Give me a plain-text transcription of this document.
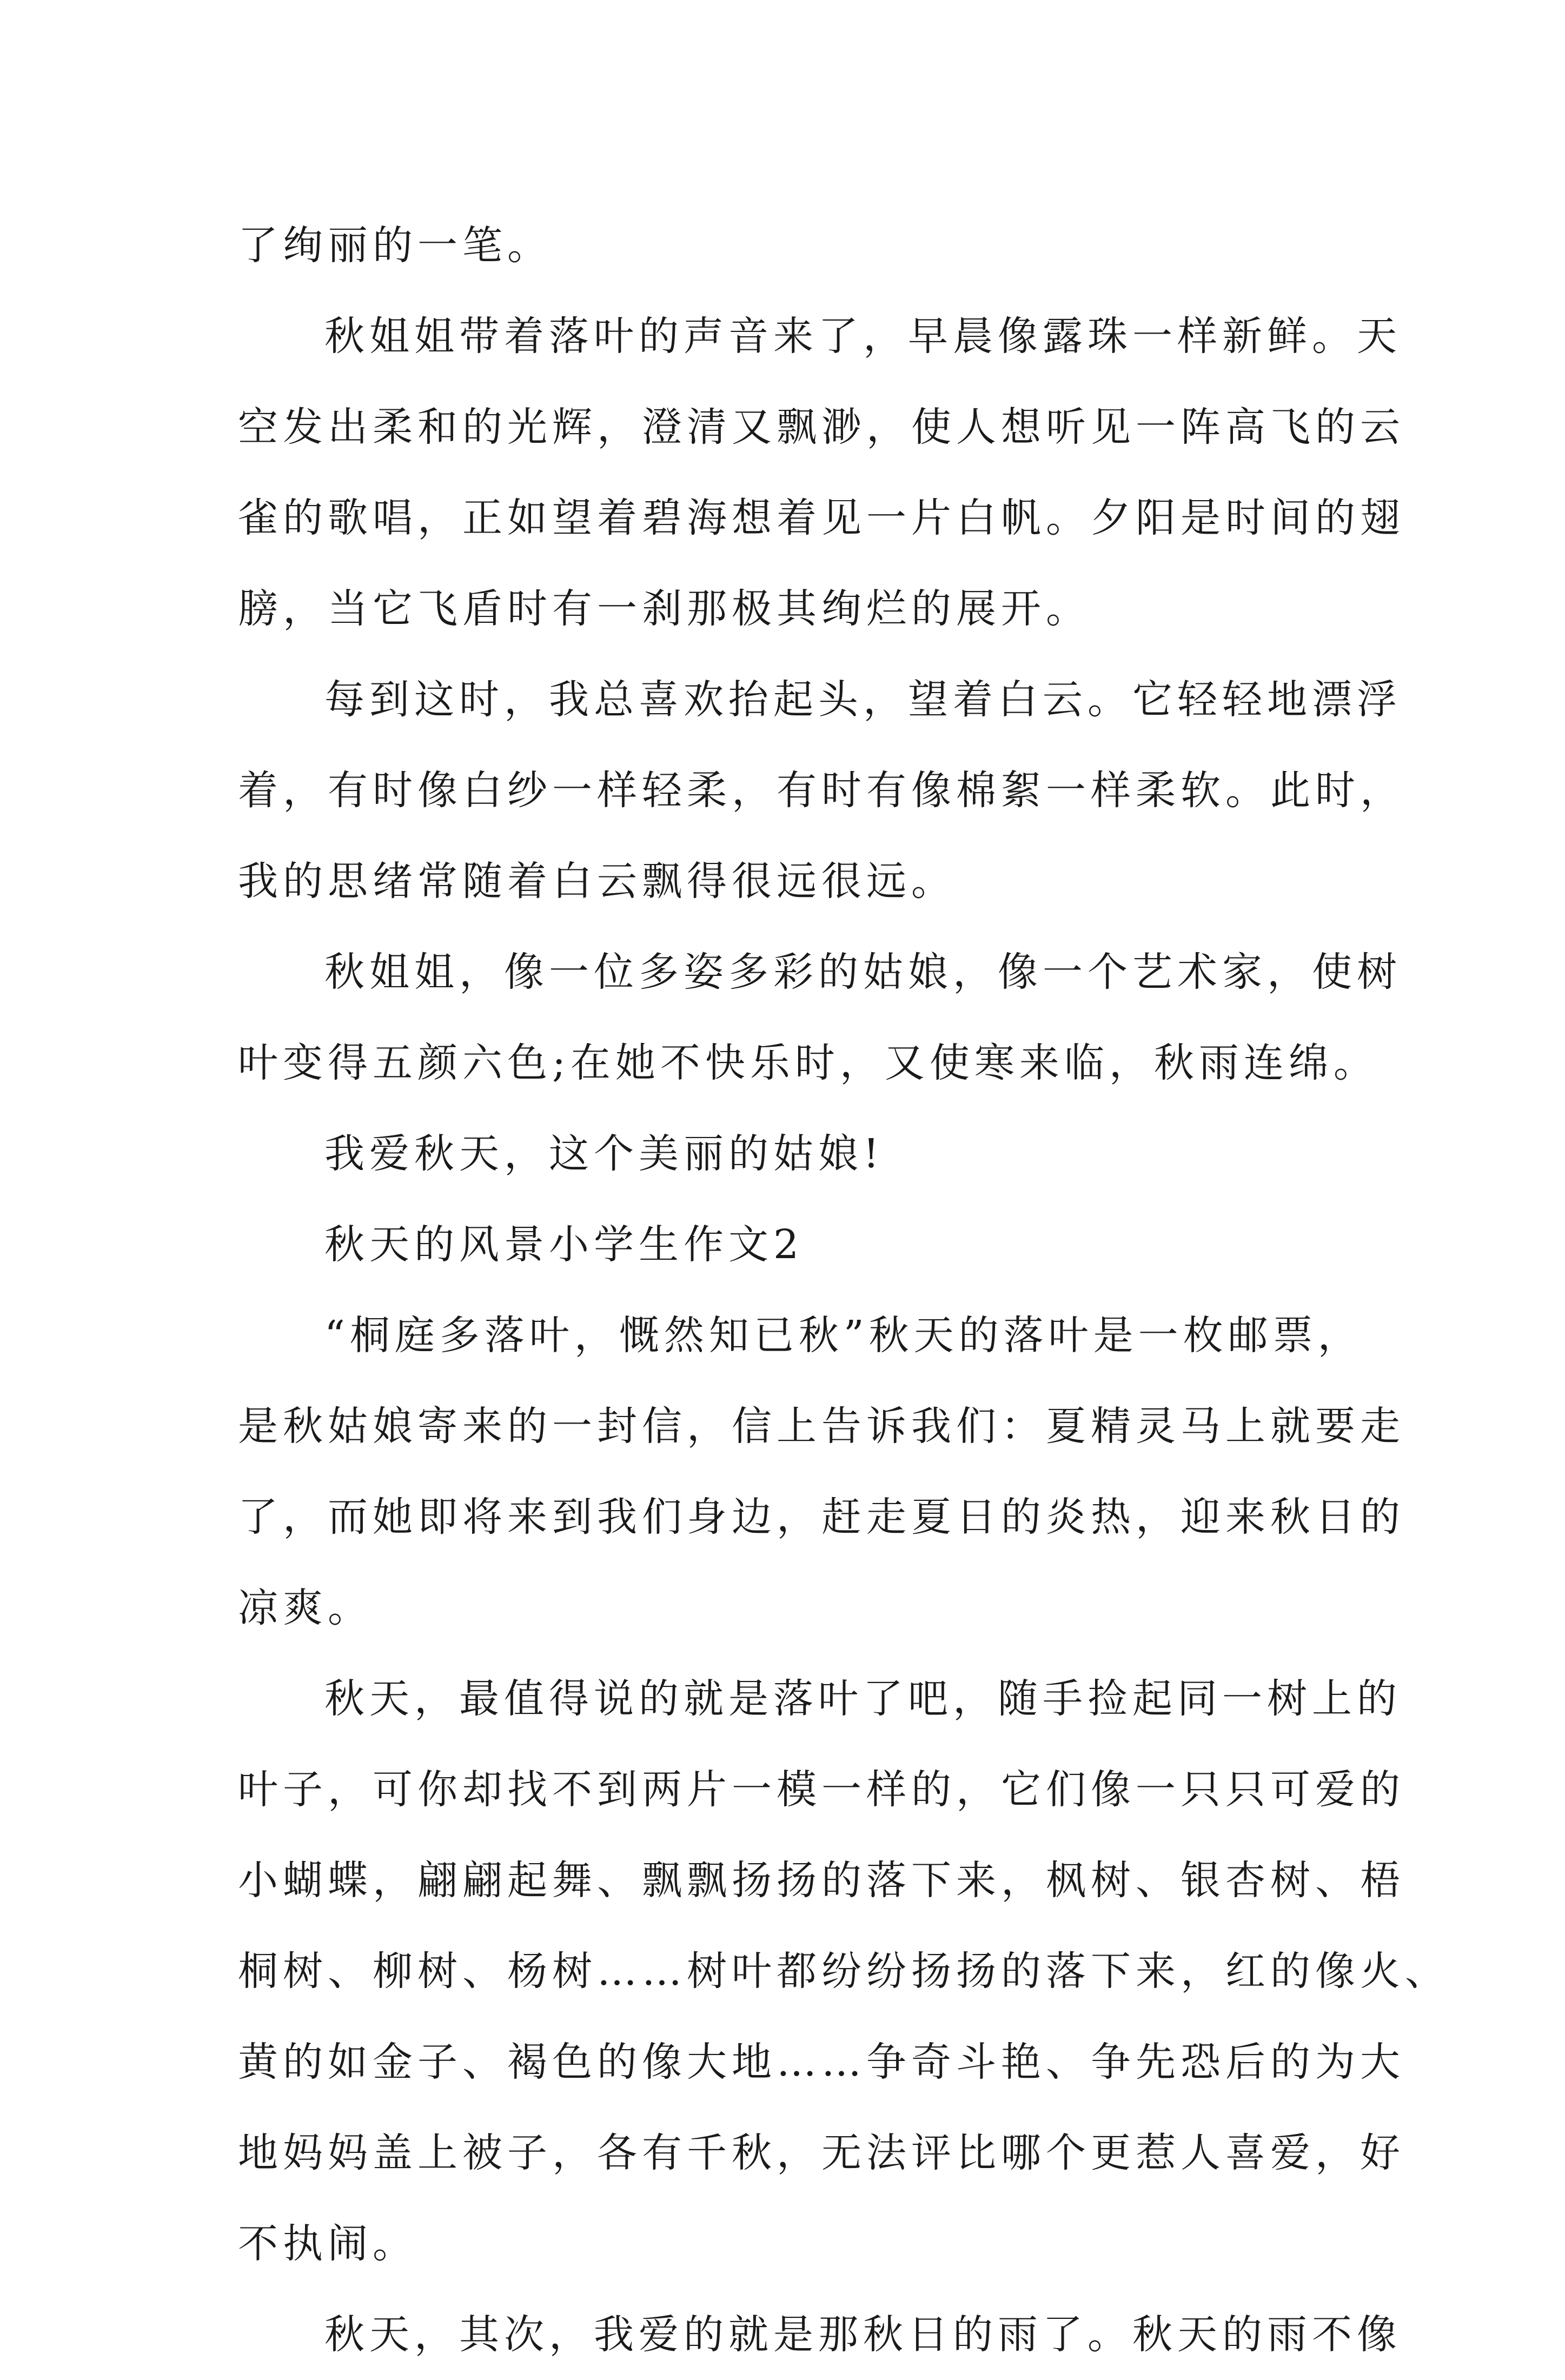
了绚丽的一笔。
秋姐姐带着落叶的声音来了，早晨像露珠一样新鲜。天
空发出柔和的光辉，澄清又飘渺，使人想听见一阵高飞的云
雀的歌唱，正如望着碧海想着见一片白帆。夕阳是时间的翅
膀，当它飞盾时有一刹那极其绚烂的展开。
每到这时，我总喜欢抬起头，望着白云。它轻轻地漂浮
着，有时像白纱一样轻柔，有时有像棉絮一样柔软。此时，
我的思绪常随着白云飘得很远很远。
秋姐姐，像一位多姿多彩的姑娘，像一个艺术家，使树
叶变得五颜六色;在她不快乐时，又使寒来临，秋雨连绵。
我爱秋天，这个美丽的姑娘!
秋天的风景小学生作文2
“桐庭多落叶，慨然知已秋”秋天的落叶是一枚邮票，
是秋姑娘寄来的一封信，信上告诉我们：夏精灵马上就要走
了，而她即将来到我们身边，赶走夏日的炎热，迎来秋日的
凉爽。
秋天，最值得说的就是落叶了吧，随手捡起同一树上的
叶子，可你却找不到两片一模一样的，它们像一只只可爱的
小蝴蝶，翩翩起舞、飘飘扬扬的落下来，枫树、银杏树、梧
桐树、柳树、杨树……树叶都纷纷扬扬的落下来，红的像火、
黄的如金子、褐色的像大地……争奇斗艳、争先恐后的为大
地妈妈盖上被子，各有千秋，无法评比哪个更惹人喜爱，好
不执闹。
秋天，其次，我爱的就是那秋日的雨了。秋天的雨不像
